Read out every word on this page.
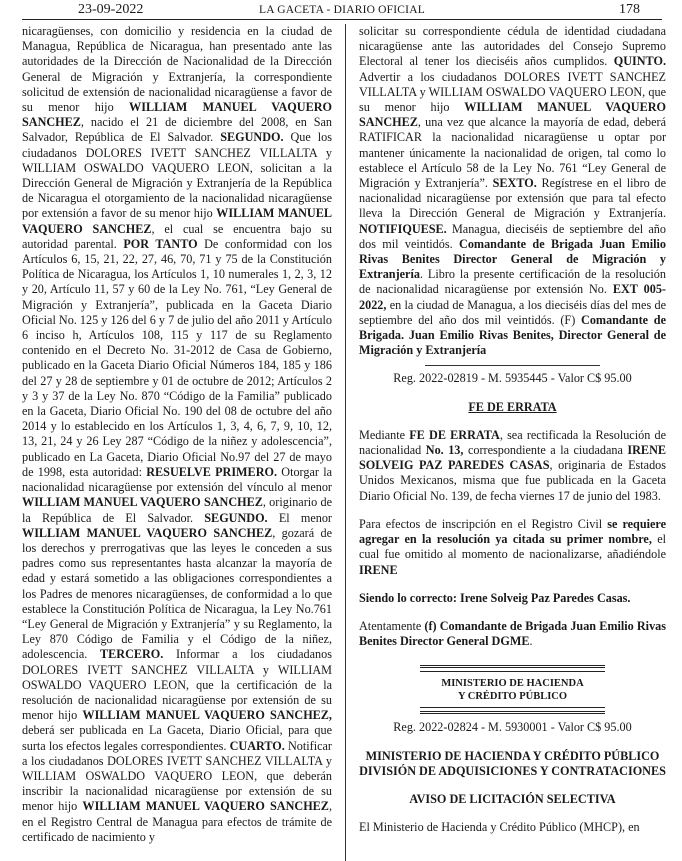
23-09-2022	LA GACETA - DIARIO OFICIAL	178

nicaragüenses, con domicilio y residencia en la ciudad de Managua, República de Nicaragua, han presentado ante las autoridades de la Dirección de Nacionalidad de la Dirección General de Migración y Extranjería, la correspondiente solicitud de extensión de nacionalidad nicaragüense a favor de su menor hijo WILLIAM MANUEL VAQUERO SANCHEZ, nacido el 21 de diciembre del 2008, en San Salvador, República de El Salvador. SEGUNDO. Que los ciudadanos DOLORES IVETT SANCHEZ VILLALTA y WILLIAM OSWALDO VAQUERO LEON, solicitan a la Dirección General de Migración y Extranjería de la República de Nicaragua el otorgamiento de la nacionalidad nicaragüense por extensión a favor de su menor hijo WILLIAM MANUEL VAQUERO SANCHEZ, el cual se encuentra bajo su autoridad parental. POR TANTO De conformidad con los Artículos 6, 15, 21, 22, 27, 46, 70, 71 y 75 de la Constitución Política de Nicaragua, los Artículos 1, 10 numerales 1, 2, 3, 12 y 20, Artículo 11, 57 y 60 de la Ley No. 761, “Ley General de Migración y Extranjería”, publicada en la Gaceta Diario Oficial No. 125 y 126 del 6 y 7 de julio del año 2011 y Artículo 6 inciso h, Artículos 108, 115 y 117 de su Reglamento contenido en el Decreto No. 31-2012 de Casa de Gobierno, publicado en la Gaceta Diario Oficial Números 184, 185 y 186 del 27 y 28 de septiembre y 01 de octubre de 2012; Artículos 2 y 3 y 37 de la Ley No. 870 “Código de la Familia” publicado en la Gaceta, Diario Oficial No. 190 del 08 de octubre del año 2014 y lo establecido en los Artículos 1, 3, 4, 6, 7, 9, 10, 12, 13, 21, 24 y 26 Ley 287 “Código de la niñez y adolescencia”, publicado en La Gaceta, Diario Oficial No.97 del 27 de mayo de 1998, esta autoridad: RESUELVE PRIMERO. Otorgar la nacionalidad nicaragüense por extensión del vínculo al menor WILLIAM MANUEL VAQUERO SANCHEZ, originario de la República de El Salvador. SEGUNDO. El menor WILLIAM MANUEL VAQUERO SANCHEZ, gozará de los derechos y prerrogativas que las leyes le conceden a sus padres como sus representantes hasta alcanzar la mayoría de edad y estará sometido a las obligaciones correspondientes a los Padres de menores nicaragüenses, de conformidad a lo que establece la Constitución Política de Nicaragua, la Ley No.761 “Ley General de Migración y Extranjería” y su Reglamento, la Ley 870 Código de Familia y el Código de la niñez, adolescencia. TERCERO. Informar a los ciudadanos DOLORES IVETT SANCHEZ VILLALTA y WILLIAM OSWALDO VAQUERO LEON, que la certificación de la resolución de nacionalidad nicaragüense por extensión de su menor hijo WILLIAM MANUEL VAQUERO SANCHEZ, deberá ser publicada en La Gaceta, Diario Oficial, para que surta los efectos legales correspondientes. CUARTO. Notificar a los ciudadanos DOLORES IVETT SANCHEZ VILLALTA y WILLIAM OSWALDO VAQUERO LEON, que deberán inscribir la nacionalidad nicaragüense por extensión de su menor hijo WILLIAM MANUEL VAQUERO SANCHEZ, en el Registro Central de Managua para efectos de trámite de certificado de nacimiento y

solicitar su correspondiente cédula de identidad ciudadana nicaragüense ante las autoridades del Consejo Supremo Electoral al tener los dieciséis años cumplidos. QUINTO. Advertir a los ciudadanos DOLORES IVETT SANCHEZ VILLALTA y WILLIAM OSWALDO VAQUERO LEON, que su menor hijo WILLIAM MANUEL VAQUERO SANCHEZ, una vez que alcance la mayoría de edad, deberá RATIFICAR la nacionalidad nicaragüense u optar por mantener únicamente la nacionalidad de origen, tal como lo establece el Artículo 58 de la Ley No. 761 “Ley General de Migración y Extranjería”. SEXTO. Regístrese en el libro de nacionalidad nicaragüense por extensión que para tal efecto lleva la Dirección General de Migración y Extranjería. NOTIFIQUESE. Managua, dieciséis de septiembre del año dos mil veintidós. Comandante de Brigada Juan Emilio Rivas Benites Director General de Migración y Extranjería. Libro la presente certificación de la resolución de nacionalidad nicaragüense por extensión No. EXT 005-2022, en la ciudad de Managua, a los dieciséis días del mes de septiembre del año dos mil veintidós. (F) Comandante de Brigada. Juan Emilio Rivas Benites, Director General de Migración y Extranjería

Reg. 2022-02819 - M. 5935445 - Valor C$ 95.00

FE DE ERRATA

Mediante FE DE ERRATA, sea rectificada la Resolución de nacionalidad No. 13, correspondiente a la ciudadana IRENE SOLVEIG PAZ PAREDES CASAS, originaria de Estados Unidos Mexicanos, misma que fue publicada en la Gaceta Diario Oficial No. 139, de fecha viernes 17 de junio del 1983.

Para efectos de inscripción en el Registro Civil se requiere agregar en la resolución ya citada su primer nombre, el cual fue omitido al momento de nacionalizarse, añadiéndole IRENE

Siendo lo correcto: Irene Solveig Paz Paredes Casas.

Atentamente (f) Comandante de Brigada Juan Emilio Rivas Benites Director General DGME.

MINISTERIO DE HACIENDA
Y CRÉDITO PÚBLICO

Reg. 2022-02824 - M. 5930001 - Valor C$ 95.00

MINISTERIO DE HACIENDA Y CRÉDITO PÚBLICO

DIVISIÓN DE ADQUISICIONES Y CONTRATACIONES

AVISO DE LICITACIÓN SELECTIVA

El Ministerio de Hacienda y Crédito Público (MHCP), en
